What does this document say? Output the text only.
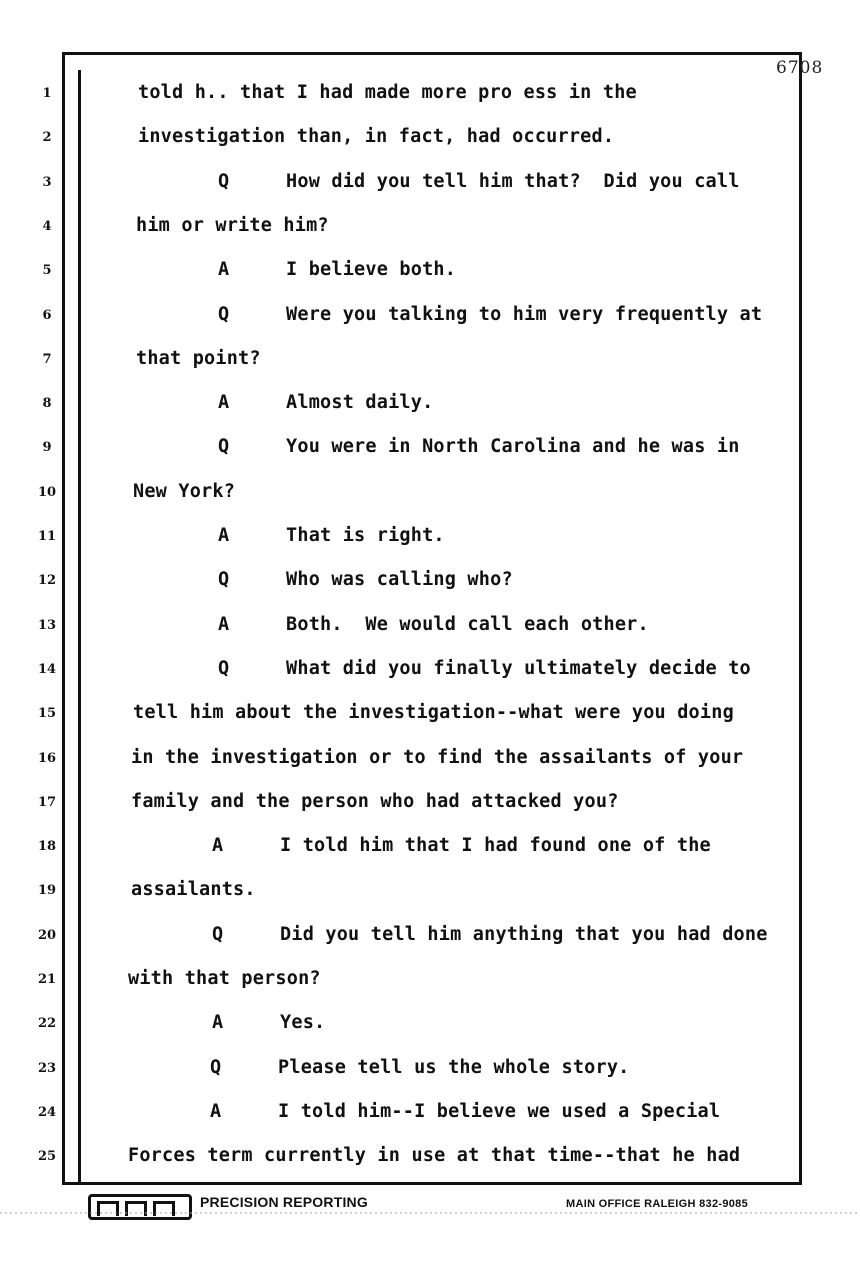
6708
1	told h.. that I had made more pro ess in the
2	investigation than, in fact, had occurred.
3	Q     How did you tell him that?  Did you call
4	him or write him?
5	A     I believe both.
6	Q     Were you talking to him very frequently at
7	that point?
8	A     Almost daily.
9	Q     You were in North Carolina and he was in
10	New York?
11	A     That is right.
12	Q     Who was calling who?
13	A     Both.  We would call each other.
14	Q     What did you finally ultimately decide to
15	tell him about the investigation--what were you doing
16	in the investigation or to find the assailants of your
17	family and the person who had attacked you?
18	A     I told him that I had found one of the
19	assailants.
20	Q     Did you tell him anything that you had done
21	with that person?
22	A     Yes.
23	Q     Please tell us the whole story.
24	A     I told him--I believe we used a Special
25	Forces term currently in use at that time--that he had
PRECISION REPORTING	MAIN OFFICE RALEIGH 832-9085
